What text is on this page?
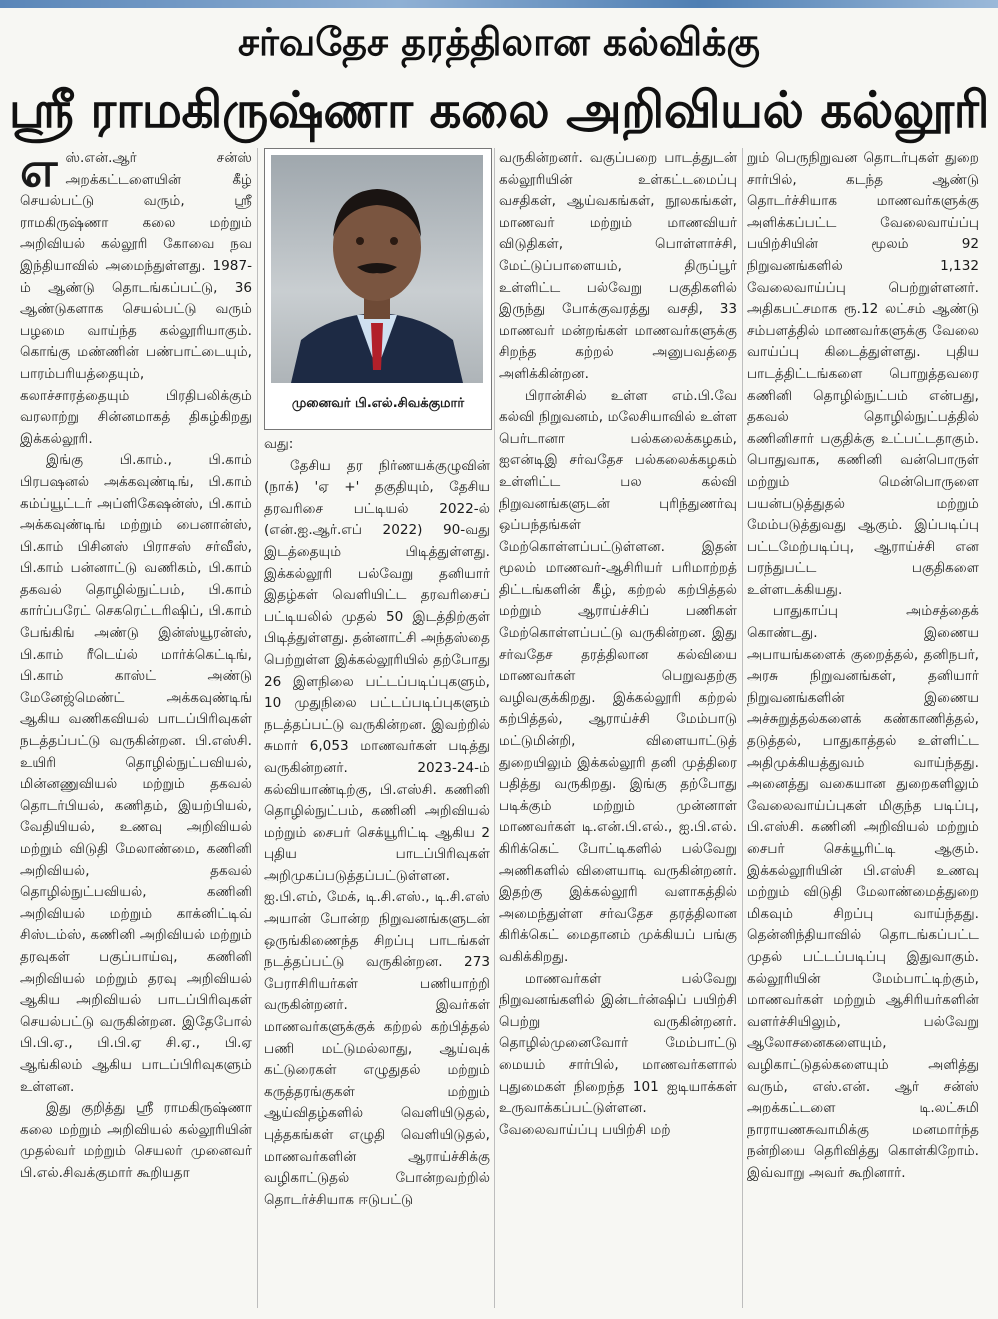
சர்வதேச தரத்திலான கல்விக்கு
ஸ்ரீ ராமகிருஷ்ணா கலை அறிவியல் கல்லூரி

எஸ்.என்.ஆர் சன்ஸ் அறக்கட்டளையின் கீழ் செயல்பட்டு வரும், ஸ்ரீ ராமகிருஷ்ணா கலை மற்றும் அறிவியல் கல்லூரி கோவை நவ இந்தியாவில் அமைந்துள்ளது. 1987-ம் ஆண்டு தொடங்கப்பட்டு, 36 ஆண்டுகளாக செயல்பட்டு வரும் பழமை வாய்ந்த கல்லூரியாகும். கொங்கு மண்ணின் பண்பாட்டையும், பாரம்பரியத்தையும், கலாச்சாரத்தையும் பிரதிபலிக்கும் வரலாற்று சின்னமாகத் திகழ்கிறது இக்கல்லூரி.

இங்கு பி.காம்., பி.காம் பிரபஷனல் அக்கவுண்டிங், பி.காம் கம்ப்யூட்டர் அப்ளிகேஷன்ஸ், பி.காம் அக்கவுண்டிங் மற்றும் பைனான்ஸ், பி.காம் பிசினஸ் பிராசஸ் சர்வீஸ், பி.காம் பன்னாட்டு வணிகம், பி.காம் தகவல் தொழில்நுட்பம், பி.காம் கார்ப்பரேட் செகரெட்டரிஷிப், பி.காம் பேங்கிங் அண்டு இன்ஸ்யூரன்ஸ், பி.காம் ரீடெய்ல் மார்க்கெட்டிங், பி.காம் காஸ்ட் அண்டு மேனேஜ்மெண்ட் அக்கவுண்டிங் ஆகிய வணிகவியல் பாடப்பிரிவுகள் நடத்தப்பட்டு வருகின்றன. பி.எஸ்சி. உயிரி தொழில்நுட்பவியல், மின்னணுவியல் மற்றும் தகவல் தொடர்பியல், கணிதம், இயற்பியல், வேதியியல், உணவு அறிவியல் மற்றும் விடுதி மேலாண்மை, கணினி அறிவியல், தகவல் தொழில்நுட்பவியல், கணினி அறிவியல் மற்றும் காக்னிட்டிவ் சிஸ்டம்ஸ், கணினி அறிவியல் மற்றும் தரவுகள் பகுப்பாய்வு, கணினி அறிவியல் மற்றும் தரவு அறிவியல் ஆகிய அறிவியல் பாடப்பிரிவுகள் செயல்பட்டு வருகின்றன. இதேபோல் பி.பி.ஏ., பி.பி.ஏ சி.ஏ., பி.ஏ ஆங்கிலம் ஆகிய பாடப்பிரிவுகளும் உள்ளன.

இது குறித்து ஸ்ரீ ராமகிருஷ்ணா கலை மற்றும் அறிவியல் கல்லூரியின் முதல்வர் மற்றும் செயலர் முனைவர் பி.எல்.சிவக்குமார் கூறியதா

முனைவர் பி.எல்.சிவக்குமார்

வது:

தேசிய தர நிர்ணயக்குழுவின் (நாக்) 'ஏ +' தகுதியும், தேசிய தரவரிசை பட்டியல் 2022-ல் (என்.ஐ.ஆர்.எப் 2022) 90-வது இடத்தையும் பிடித்துள்ளது. இக்கல்லூரி பல்வேறு தனியார் இதழ்கள் வெளியிட்ட தரவரிசைப் பட்டியலில் முதல் 50 இடத்திற்குள் பிடித்துள்ளது. தன்னாட்சி அந்தஸ்தை பெற்றுள்ள இக்கல்லூரியில் தற்போது 26 இளநிலை பட்டப்படிப்புகளும், 10 முதுநிலை பட்டப்படிப்புகளும் நடத்தப்பட்டு வருகின்றன. இவற்றில் சுமார் 6,053 மாணவர்கள் படித்து வருகின்றனர். 2023-24-ம் கல்வியாண்டிற்கு, பி.எஸ்சி. கணினி தொழில்நுட்பம், கணினி அறிவியல் மற்றும் சைபர் செக்யூரிட்டி ஆகிய 2 புதிய பாடப்பிரிவுகள் அறிமுகப்படுத்தப்பட்டுள்ளன. ஐ.பி.எம், மேக், டி.சி.எஸ்., டி.சி.எஸ் அயான் போன்ற நிறுவனங்களுடன் ஒருங்கிணைந்த சிறப்பு பாடங்கள் நடத்தப்பட்டு வருகின்றன. 273 பேராசிரியர்கள் பணியாற்றி வருகின்றனர். இவர்கள் மாணவர்களுக்குக் கற்றல் கற்பித்தல் பணி மட்டுமல்லாது, ஆய்வுக் கட்டுரைகள் எழுதுதல் மற்றும் கருத்தரங்குகள் மற்றும் ஆய்விதழ்களில் வெளியிடுதல், புத்தகங்கள் எழுதி வெளியிடுதல், மாணவர்களின் ஆராய்ச்சிக்கு வழிகாட்டுதல் போன்றவற்றில் தொடர்ச்சியாக ஈடுபட்டு

வருகின்றனர். வகுப்பறை பாடத்துடன் கல்லூரியின் உள்கட்டமைப்பு வசதிகள், ஆய்வகங்கள், நூலகங்கள், மாணவர் மற்றும் மாணவியர் விடுதிகள், பொள்ளாச்சி, மேட்டுப்பாளையம், திருப்பூர் உள்ளிட்ட பல்வேறு பகுதிகளில் இருந்து போக்குவரத்து வசதி, 33 மாணவர் மன்றங்கள் மாணவர்களுக்கு சிறந்த கற்றல் அனுபவத்தை அளிக்கின்றன.

பிரான்சில் உள்ள எம்.பி.வே கல்வி நிறுவனம், மலேசியாவில் உள்ள பெர்டானா பல்கலைக்கழகம், ஐஎன்டிஇ சர்வதேச பல்கலைக்கழகம் உள்ளிட்ட பல கல்வி நிறுவனங்களுடன் புரிந்துணர்வு ஒப்பந்தங்கள் மேற்கொள்ளப்பட்டுள்ளன. இதன் மூலம் மாணவர்-ஆசிரியர் பரிமாற்றத் திட்டங்களின் கீழ், கற்றல் கற்பித்தல் மற்றும் ஆராய்ச்சிப் பணிகள் மேற்கொள்ளப்பட்டு வருகின்றன. இது சர்வதேச தரத்திலான கல்வியை மாணவர்கள் பெறுவதற்கு வழிவகுக்கிறது. இக்கல்லூரி கற்றல் கற்பித்தல், ஆராய்ச்சி மேம்பாடு மட்டுமின்றி, விளையாட்டுத் துறையிலும் இக்கல்லூரி தனி முத்திரை பதித்து வருகிறது. இங்கு தற்போது படிக்கும் மற்றும் முன்னாள் மாணவர்கள் டி.என்.பி.எல்., ஐ.பி.எல். கிரிக்கெட் போட்டிகளில் பல்வேறு அணிகளில் விளையாடி வருகின்றனர். இதற்கு இக்கல்லூரி வளாகத்தில் அமைந்துள்ள சர்வதேச தரத்திலான கிரிக்கெட் மைதானம் முக்கியப் பங்கு வகிக்கிறது.

மாணவர்கள் பல்வேறு நிறுவனங்களில் இன்டர்ன்ஷிப் பயிற்சி பெற்று வருகின்றனர். தொழில்முனைவோர் மேம்பாட்டு மையம் சார்பில், மாணவர்களால் புதுமைகள் நிறைந்த 101 ஐடியாக்கள் உருவாக்கப்பட்டுள்ளன. வேலைவாய்ப்பு பயிற்சி மற்

றும் பெருநிறுவன தொடர்புகள் துறை சார்பில், கடந்த ஆண்டு தொடர்ச்சியாக மாணவர்களுக்கு அளிக்கப்பட்ட வேலைவாய்ப்பு பயிற்சியின் மூலம் 92 நிறுவனங்களில் 1,132 வேலைவாய்ப்பு பெற்றுள்ளனர். அதிகபட்சமாக ரூ.12 லட்சம் ஆண்டு சம்பளத்தில் மாணவர்களுக்கு வேலை வாய்ப்பு கிடைத்துள்ளது. புதிய பாடத்திட்டங்களை பொறுத்தவரை கணினி தொழில்நுட்பம் என்பது, தகவல் தொழில்நுட்பத்தில் கணினிசார் பகுதிக்கு உட்பட்டதாகும். பொதுவாக, கணினி வன்பொருள் மற்றும் மென்பொருளை பயன்படுத்துதல் மற்றும் மேம்படுத்துவது ஆகும். இப்படிப்பு பட்டமேற்படிப்பு, ஆராய்ச்சி என பரந்துபட்ட பகுதிகளை உள்ளடக்கியது.

பாதுகாப்பு அம்சத்தைக் கொண்டது. இணைய அபாயங்களைக் குறைத்தல், தனிநபர், அரசு நிறுவனங்கள், தனியார் நிறுவனங்களின் இணைய அச்சுறுத்தல்களைக் கண்காணித்தல், தடுத்தல், பாதுகாத்தல் உள்ளிட்ட அதிமுக்கியத்துவம் வாய்ந்தது. அனைத்து வகையான துறைகளிலும் வேலைவாய்ப்புகள் மிகுந்த படிப்பு, பி.எஸ்சி. கணினி அறிவியல் மற்றும் சைபர் செக்யூரிட்டி ஆகும். இக்கல்லூரியின் பி.எஸ்சி உணவு மற்றும் விடுதி மேலாண்மைத்துறை மிகவும் சிறப்பு வாய்ந்தது. தென்னிந்தியாவில் தொடங்கப்பட்ட முதல் பட்டப்படிப்பு இதுவாகும். கல்லூரியின் மேம்பாட்டிற்கும், மாணவர்கள் மற்றும் ஆசிரியர்களின் வளர்ச்சியிலும், பல்வேறு ஆலோசனைகளையும், வழிகாட்டுதல்களையும் அளித்து வரும், எஸ்.என். ஆர் சன்ஸ் அறக்கட்டளை டி.லட்சுமி நாராயணசுவாமிக்கு மனமார்ந்த நன்றியை தெரிவித்து கொள்கிறோம். இவ்வாறு அவர் கூறினார்.
